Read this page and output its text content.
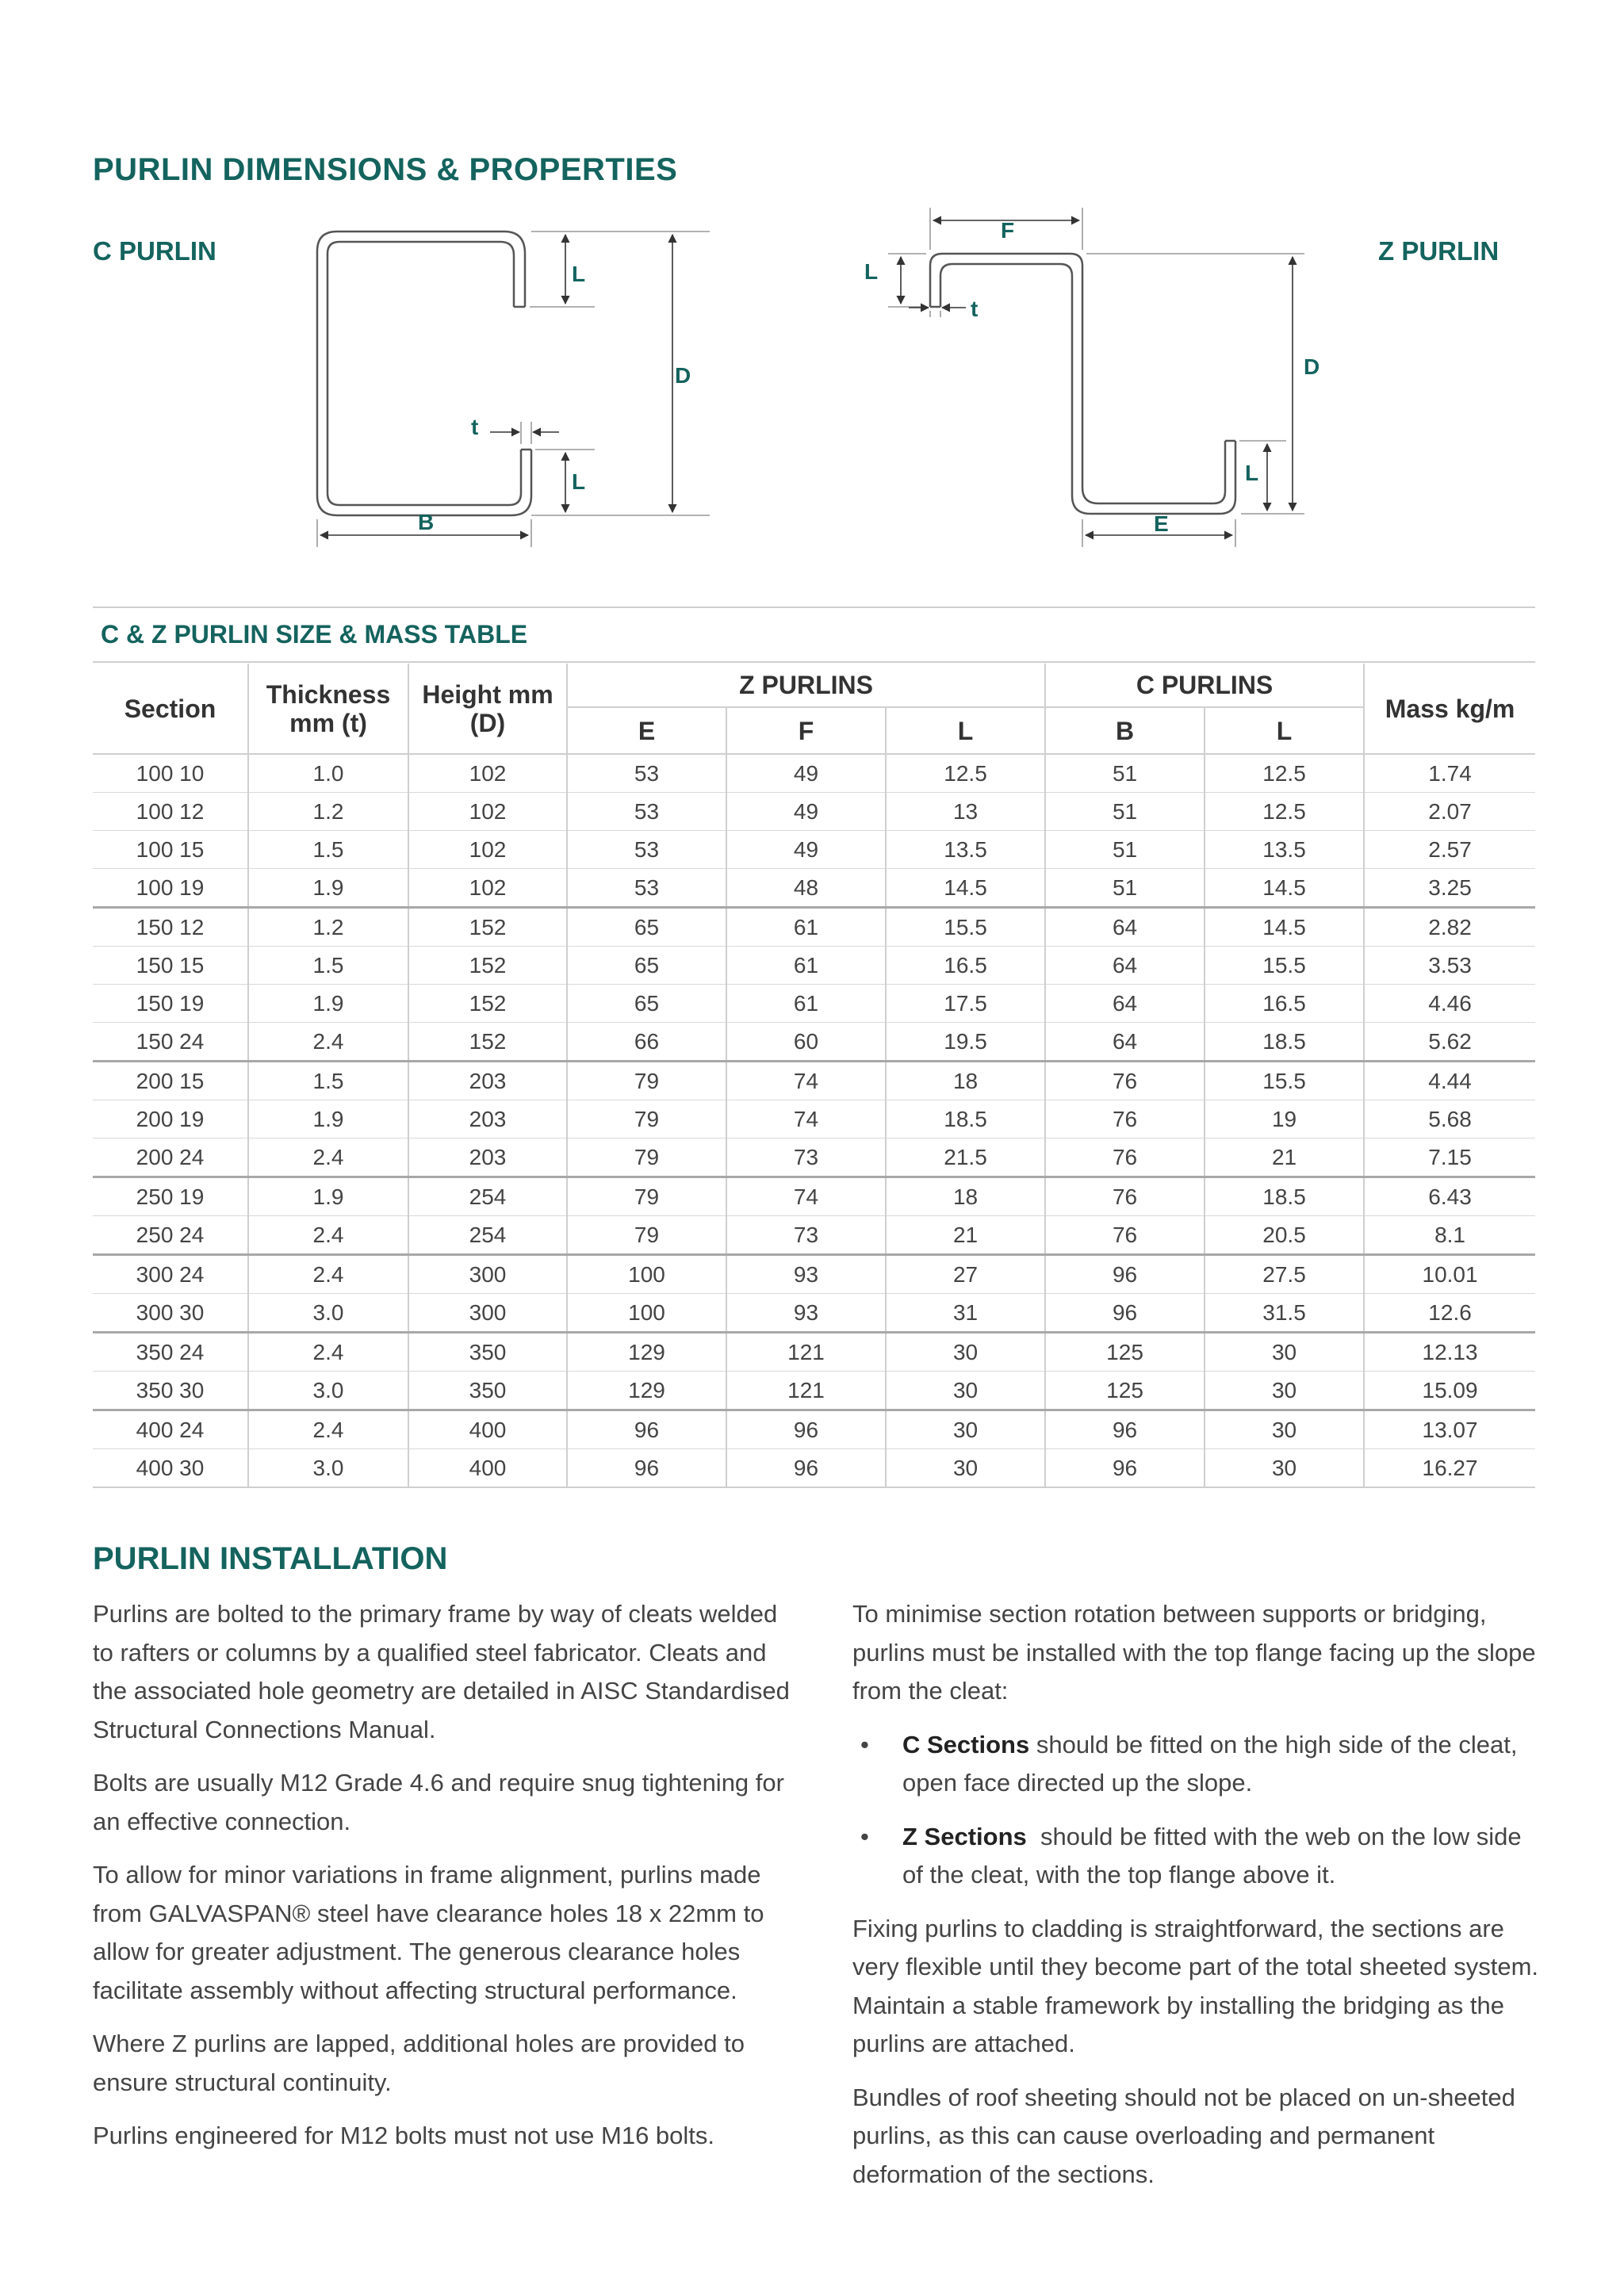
PURLIN DIMENSIONS & PROPERTIES
C PURLIN	Z PURLIN
L
L
D
t
B
F
L
t
D
L
E
C & Z PURLIN SIZE & MASS TABLE
Section	Thickness mm (t)	Height mm (D)	Z PURLINS			C PURLINS		Mass kg/m
			E	F	L	B	L	
100 10	1.0	102	53	49	12.5	51	12.5	1.74
100 12	1.2	102	53	49	13	51	12.5	2.07
100 15	1.5	102	53	49	13.5	51	13.5	2.57
100 19	1.9	102	53	48	14.5	51	14.5	3.25
150 12	1.2	152	65	61	15.5	64	14.5	2.82
150 15	1.5	152	65	61	16.5	64	15.5	3.53
150 19	1.9	152	65	61	17.5	64	16.5	4.46
150 24	2.4	152	66	60	19.5	64	18.5	5.62
200 15	1.5	203	79	74	18	76	15.5	4.44
200 19	1.9	203	79	74	18.5	76	19	5.68
200 24	2.4	203	79	73	21.5	76	21	7.15
250 19	1.9	254	79	74	18	76	18.5	6.43
250 24	2.4	254	79	73	21	76	20.5	8.1
300 24	2.4	300	100	93	27	96	27.5	10.01
300 30	3.0	300	100	93	31	96	31.5	12.6
350 24	2.4	350	129	121	30	125	30	12.13
350 30	3.0	350	129	121	30	125	30	15.09
400 24	2.4	400	96	96	30	96	30	13.07
400 30	3.0	400	96	96	30	96	30	16.27
PURLIN INSTALLATION

Purlins are bolted to the primary frame by way of cleats welded to rafters or columns by a qualified steel fabricator. Cleats and the associated hole geometry are detailed in AISC Standardised Structural Connections Manual.

Bolts are usually M12 Grade 4.6 and require snug tightening for an effective connection.

To allow for minor variations in frame alignment, purlins made from GALVASPAN® steel have clearance holes 18 x 22mm to allow for greater adjustment. The generous clearance holes facilitate assembly without affecting structural performance.

Where Z purlins are lapped, additional holes are provided to ensure structural continuity.

Purlins engineered for M12 bolts must not use M16 bolts.

To minimise section rotation between supports or bridging, purlins must be installed with the top flange facing up the slope from the cleat:

• C Sections should be fitted on the high side of the cleat, open face directed up the slope.
• Z Sections  should be fitted with the web on the low side of the cleat, with the top flange above it.

Fixing purlins to cladding is straightforward, the sections are very flexible until they become part of the total sheeted system. Maintain a stable framework by installing the bridging as the purlins are attached.

Bundles of roof sheeting should not be placed on un-sheeted purlins, as this can cause overloading and permanent deformation of the sections.
